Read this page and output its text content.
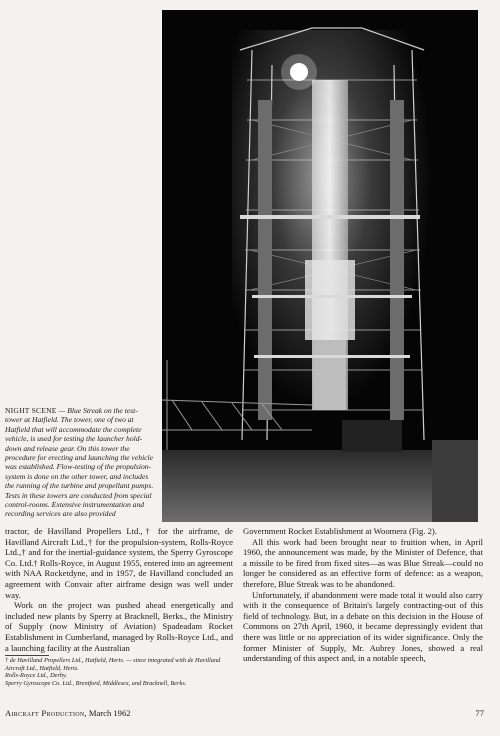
NIGHT SCENE — Blue Streak on the test-tower at Hatfield. The tower, one of two at Hatfield that will accommodate the complete vehicle, is used for testing the launcher hold-down and release gear. On this tower the procedure for erecting and launching the vehicle was established. Flow-testing of the propulsion-system is done on the other tower, and includes the running of the turbine and propellant pumps. Tests in these towers are conducted from special control-rooms. Extensive instrumentation and recording services are also provided

tractor, de Havilland Propellers Ltd.,† for the airframe, de Havilland Aircraft Ltd.,† for the propulsion-system, Rolls-Royce Ltd.,† and for the inertial-guidance system, the Sperry Gyroscope Co. Ltd.† Rolls-Royce, in August 1955, entered into an agreement with NAA Rocketdyne, and in 1957, de Havilland concluded an agreement with Convair after airframe design was well under way.

Work on the project was pushed ahead energetically and included new plants by Sperry at Bracknell, Berks., the Ministry of Supply (now Ministry of Aviation) Spadeadam Rocket Establishment in Cumberland, managed by Rolls-Royce Ltd., and a launching facility at the Australian

† de Havilland Propellers Ltd., Hatfield, Herts. — since integrated with de Havilland Aircraft Ltd., Hatfield, Herts.
Rolls-Royce Ltd., Derby.
Sperry Gyroscope Co. Ltd., Brentford, Middlesex, and Bracknell, Berks.

Government Rocket Establishment at Woomera (Fig. 2).

All this work had been brought near to fruition when, in April 1960, the announcement was made, by the Minister of Defence, that a missile to be fired from fixed sites—as was Blue Streak—could no longer be considered as an effective form of defence: as a weapon, therefore, Blue Streak was to be abandoned.

Unfortunately, if abandonment were made total it would also carry with it the consequence of Britain's largely contracting-out of this field of technology. But, in a debate on this decision in the House of Commons on 27th April, 1960, it became depressingly evident that there was little or no appreciation of its wider significance. Only the former Minister of Supply, Mr. Aubrey Jones, showed a real understanding of this aspect and, in a notable speech,

Aircraft Production, March 1962	77
